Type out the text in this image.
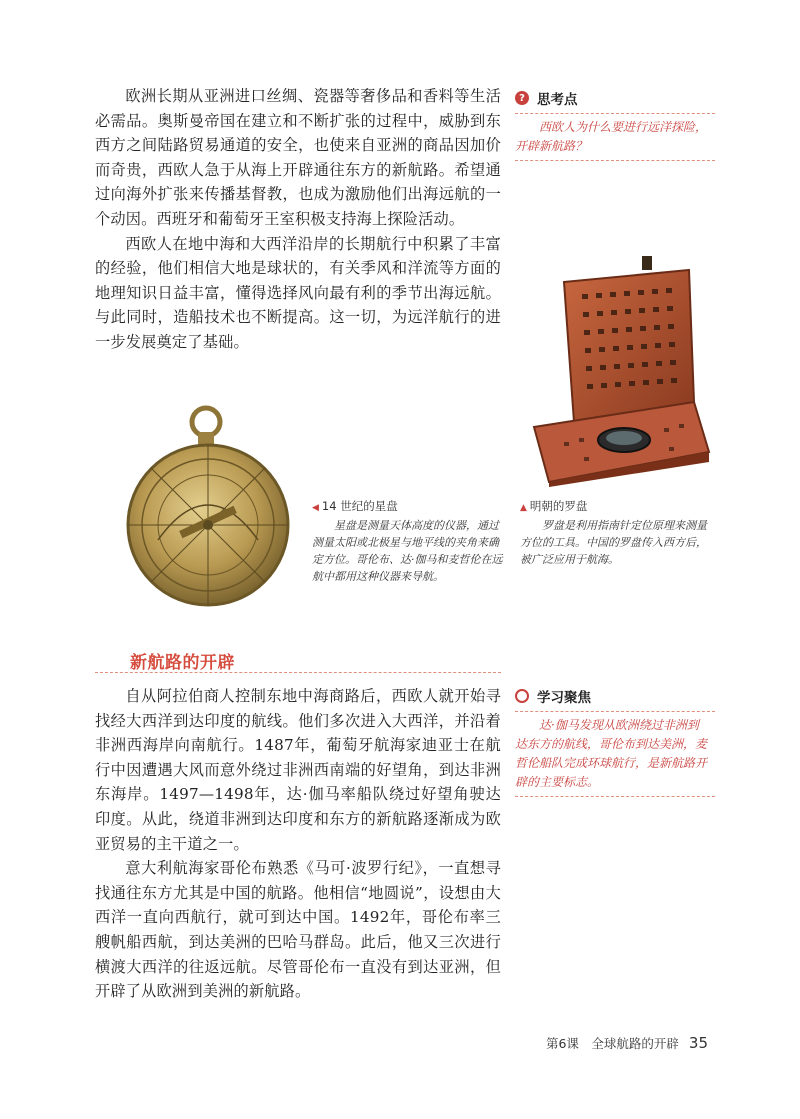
欧洲长期从亚洲进口丝绸、瓷器等奢侈品和香料等生活必需品。奥斯曼帝国在建立和不断扩张的过程中，威胁到东西方之间陆路贸易通道的安全，也使来自亚洲的商品因加价而奇贵，西欧人急于从海上开辟通往东方的新航路。希望通过向海外扩张来传播基督教，也成为激励他们出海远航的一个动因。西班牙和葡萄牙王室积极支持海上探险活动。

西欧人在地中海和大西洋沿岸的长期航行中积累了丰富的经验，他们相信大地是球状的，有关季风和洋流等方面的地理知识日益丰富，懂得选择风向最有利的季节出海远航。与此同时，造船技术也不断提高。这一切，为远洋航行的进一步发展奠定了基础。

? 思考点
西欧人为什么要进行远洋探险，开辟新航路？
◀ 14 世纪的星盘
星盘是测量天体高度的仪器，通过测量太阳或北极星与地平线的夹角来确定方位。哥伦布、达·伽马和麦哲伦在远航中都用这种仪器来导航。
▲ 明朝的罗盘
罗盘是利用指南针定位原理来测量方位的工具。中国的罗盘传入西方后，被广泛应用于航海。
新航路的开辟

自从阿拉伯商人控制东地中海商路后，西欧人就开始寻找经大西洋到达印度的航线。他们多次进入大西洋，并沿着非洲西海岸向南航行。1487年，葡萄牙航海家迪亚士在航行中因遭遇大风而意外绕过非洲西南端的好望角，到达非洲东海岸。1497—1498年，达·伽马率船队绕过好望角驶达印度。从此，绕道非洲到达印度和东方的新航路逐渐成为欧亚贸易的主干道之一。

意大利航海家哥伦布熟悉《马可·波罗行纪》，一直想寻找通往东方尤其是中国的航路。他相信“地圆说”，设想由大西洋一直向西航行，就可到达中国。1492年，哥伦布率三艘帆船西航，到达美洲的巴哈马群岛。此后，他又三次进行横渡大西洋的往返远航。尽管哥伦布一直没有到达亚洲，但开辟了从欧洲到美洲的新航路。

学习聚焦
达·伽马发现从欧洲绕过非洲到达东方的航线，哥伦布到达美洲，麦哲伦船队完成环球航行，是新航路开辟的主要标志。
第6课　全球航路的开辟 35
